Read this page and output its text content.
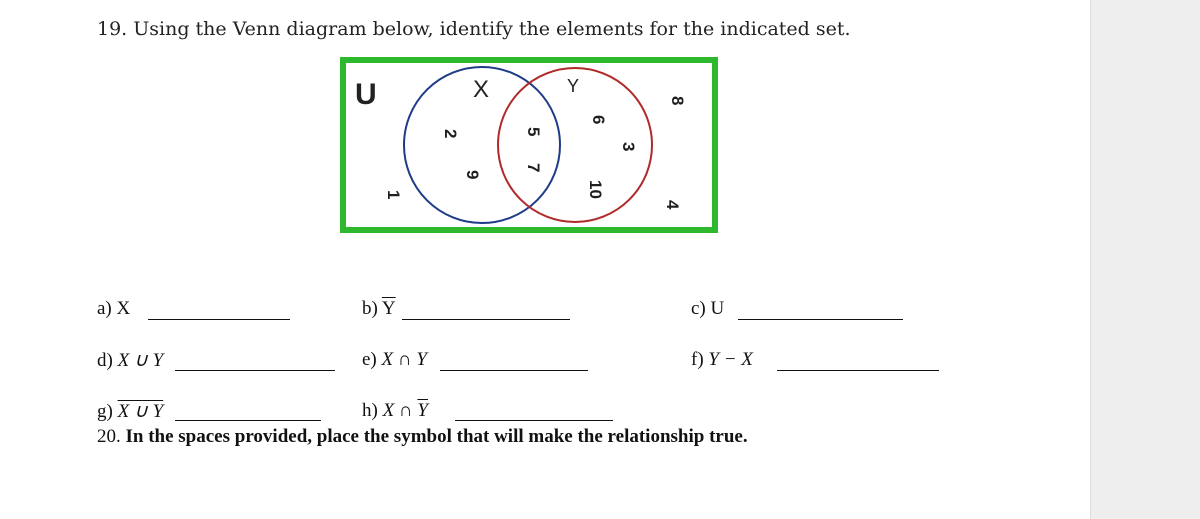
19. Using the Venn diagram below, identify the elements for the indicated set.
U	X	Y
1
8
4
2
9
5
7
6
3
10
a) X	b) $\overline{Y}$	c) U
d) X ∪ Y	e) X ∩ Y	f) Y − X
g) X ∪ Y	h) X ∩ $\overline{Y}$
20. In the spaces provided, place the symbol that will make the relationship true.
